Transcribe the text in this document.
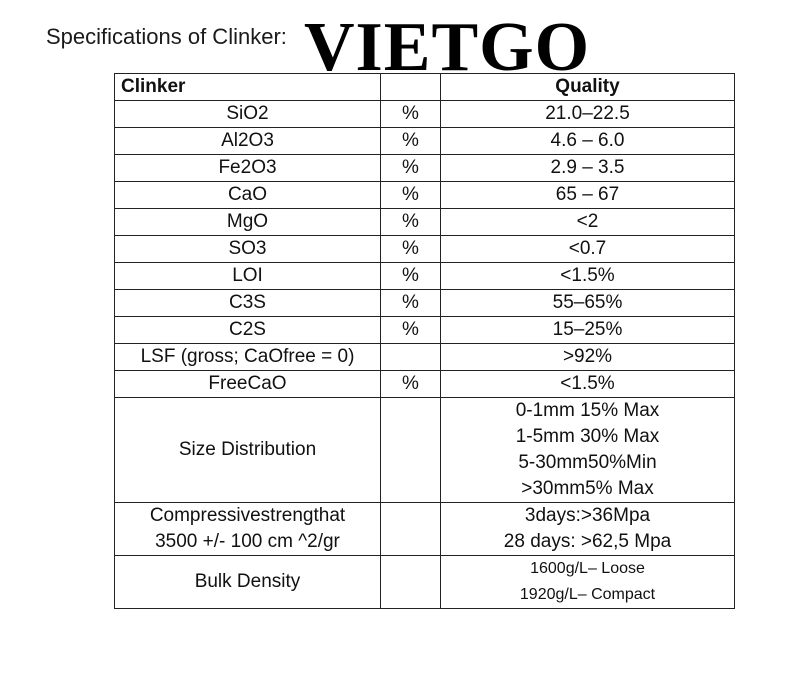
Specifications of Clinker: VIETGO
Clinker		Quality
SiO2	%	21.0–22.5
Al2O3	%	4.6 – 6.0
Fe2O3	%	2.9 – 3.5
CaO	%	65 – 67
MgO	%	<2
SO3	%	<0.7
LOI	%	<1.5%
C3S	%	55–65%
C2S	%	15–25%
LSF (gross; CaOfree = 0)		>92%
FreeCaO	%	<1.5%
Size Distribution		0-1mm 15% Max
1-5mm 30% Max
5-30mm50%Min
>30mm5% Max

Compressivestrengthat
3500 +/- 100 cm ^2/gr		3days:>36Mpa
28 days: >62,5 Mpa

Bulk Density		1600g/L– Loose
1920g/L– Compact
